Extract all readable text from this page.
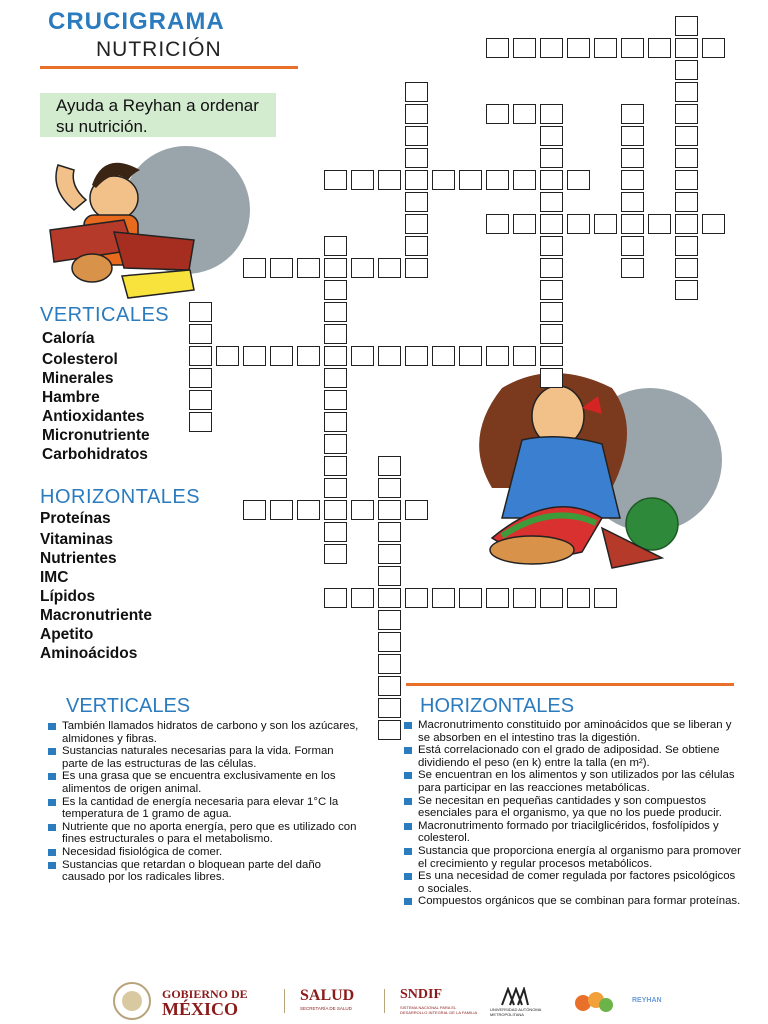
CRUCIGRAMA
NUTRICIÓN
Ayuda a Reyhan a ordenar su nutrición.
VERTICALES
Caloría
Colesterol
Minerales
Hambre
Antioxidantes
Micronutriente
Carbohidratos
HORIZONTALES
Proteínas
Vitaminas
Nutrientes
IMC
Lípidos
Macronutriente
Apetito
Aminoácidos
VERTICALES
También llamados hidratos de carbono y son los azúcares, almidones y fibras.
Sustancias naturales necesarias para la vida. Forman parte de las estructuras de las células.
Es una grasa que se encuentra exclusivamente en los alimentos de origen animal.
Es la cantidad de energía necesaria para elevar 1°C la temperatura de 1 gramo de agua.
Nutriente que no aporta energía, pero que es utilizado con fines estructurales o para el metabolismo.
Necesidad fisiológica de comer.
Sustancias que retardan o bloquean parte del daño causado por los radicales libres.
HORIZONTALES
Macronutrimento constituido por aminoácidos que se liberan y se absorben en el intestino tras la digestión.
Está correlacionado con el grado de adiposidad. Se obtiene dividiendo el peso (en k) entre la talla (en m²).
Se encuentran en los alimentos y son utilizados por las células para participar en las reacciones metabólicas.
Se necesitan en pequeñas cantidades y son compuestos esenciales para el organismo, ya que no los puede producir.
Macronutrimento formado por triacilglicéridos, fosfolípidos y colesterol.
Sustancia que proporciona energía al organismo para promover el crecimiento y regular procesos metabólicos.
Es una necesidad de comer regulada por factores psicológicos o sociales.
Compuestos orgánicos que se combinan para formar proteínas.
GOBIERNO DE
MÉXICO
SALUD
SECRETARÍA DE SALUD
SNDIF
SISTEMA NACIONAL PARA EL DESARROLLO INTEGRAL DE LA FAMILIA
UNIVERSIDAD AUTÓNOMA METROPOLITANA
REYHAN
